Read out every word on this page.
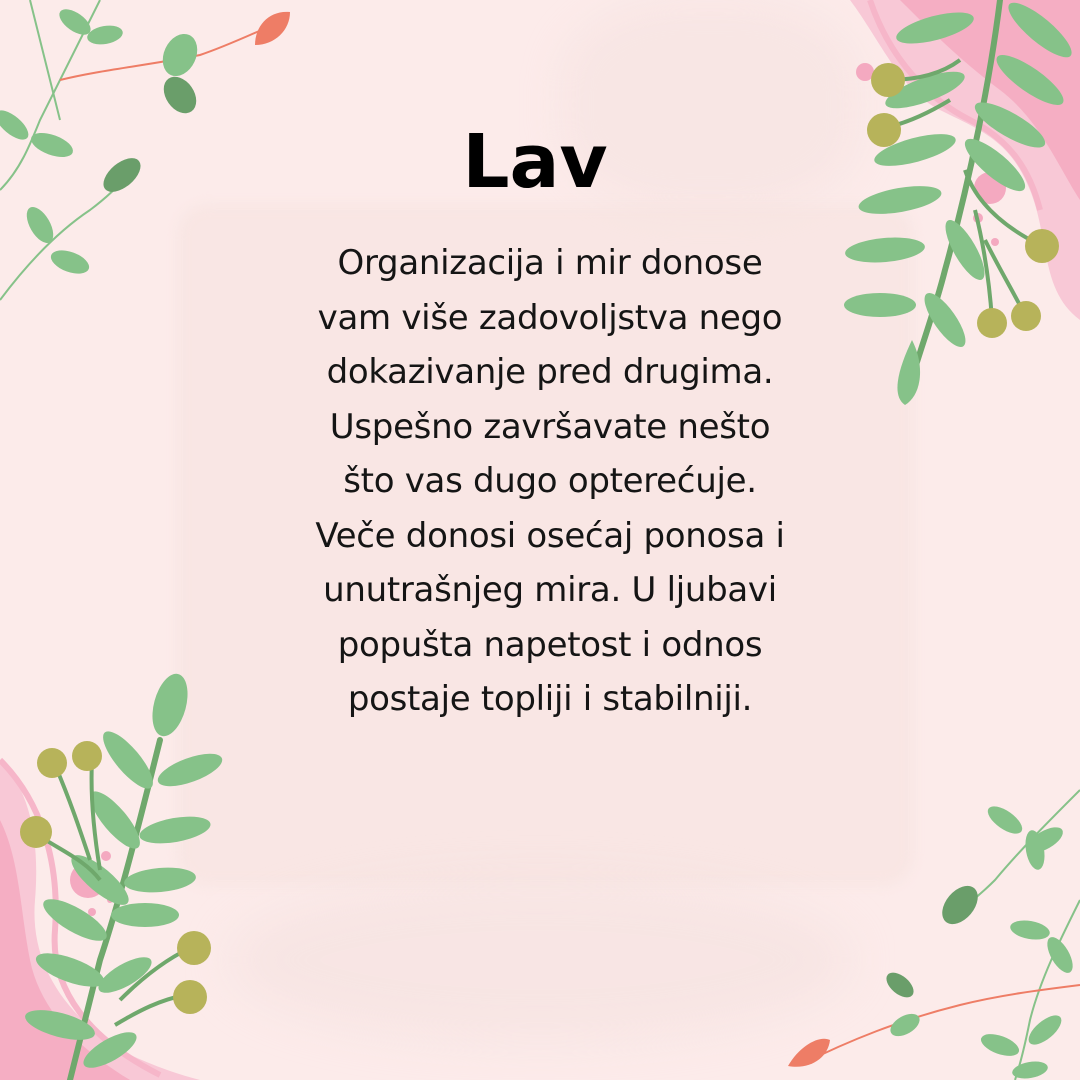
Lav
Organizacija i mir donose
vam više zadovoljstva nego
dokazivanje pred drugima.
Uspešno završavate nešto
što vas dugo opterećuje.
Veče donosi osećaj ponosa i
unutrašnjeg mira. U ljubavi
popušta napetost i odnos
postaje topliji i stabilniji.
